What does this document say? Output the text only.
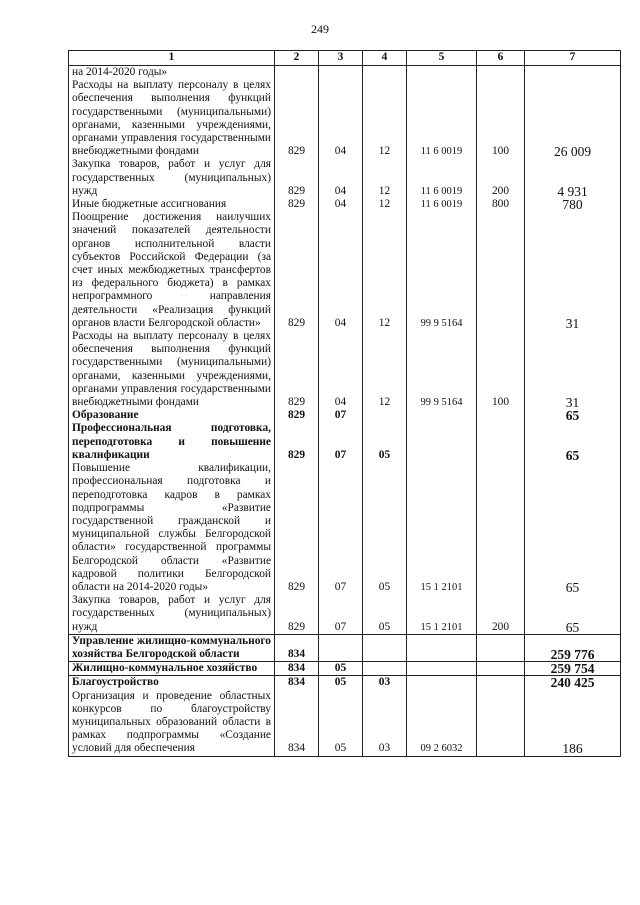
249
1	2	3	4	5	6	7
на 2014-2020 годы»						
Расходы на выплату персоналу в целях обеспечения выполнения функций государственными (муниципальными) органами, казенными учреждениями, органами управления государственными внебюджетными фондами	829	04	12	11 6 0019	100	26 009
Закупка товаров, работ и услуг для государственных (муниципальных) нужд	829	04	12	11 6 0019	200	4 931
Иные бюджетные ассигнования	829	04	12	11 6 0019	800	780
Поощрение достижения наилучших значений показателей деятельности органов исполнительной власти субъектов Российской Федерации (за счет иных межбюджетных трансфертов из федерального бюджета) в рамках непрограммного направления деятельности «Реализация функций органов власти Белгородской области»	829	04	12	99 9 5164		31
Расходы на выплату персоналу в целях обеспечения выполнения функций государственными (муниципальными) органами, казенными учреждениями, органами управления государственными внебюджетными фондами	829	04	12	99 9 5164	100	31
Образование	829	07				65
Профессиональная подготовка, переподготовка и повышение квалификации	829	07	05			65
Повышение квалификации, профессиональная подготовка и переподготовка кадров в рамках подпрограммы «Развитие государственной гражданской и муниципальной службы Белгородской области» государственной программы Белгородской области «Развитие кадровой политики Белгородской области на 2014-2020 годы»	829	07	05	15 1 2101		65
Закупка товаров, работ и услуг для государственных (муниципальных) нужд	829	07	05	15 1 2101	200	65
Управление жилищно-коммунального хозяйства Белгородской области	834					259 776
Жилищно-коммунальное хозяйство	834	05				259 754
Благоустройство	834	05	03			240 425
Организация и проведение областных конкурсов по благоустройству муниципальных образований области в рамках подпрограммы «Создание условий для обеспечения	834	05	03	09 2 6032		186
